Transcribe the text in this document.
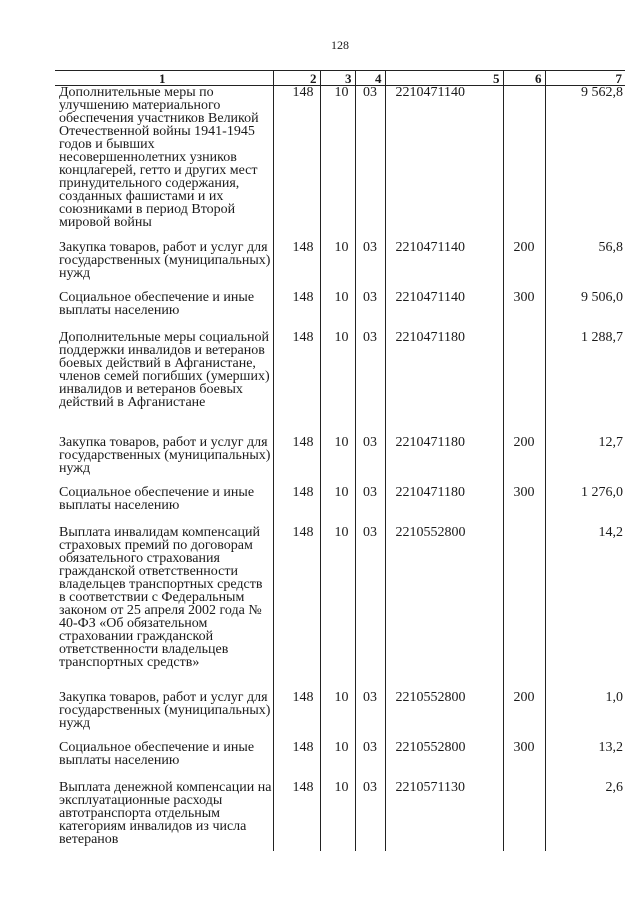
128
1	2	3	4	5	6	7
Дополнительные меры по улучшению материального обеспечения участников Великой Отечественной войны 1941-1945 годов и бывших несовершеннолетних узников концлагерей, гетто и других мест принудительного содержания, созданных фашистами и их союзниками в период Второй мировой войны	148	10	03	2210471140		9 562,8
Закупка товаров, работ и услуг для государственных (муниципальных) нужд	148	10	03	2210471140	200	56,8
Социальное обеспечение и иные выплаты населению	148	10	03	2210471140	300	9 506,0
Дополнительные меры социальной поддержки инвалидов и ветеранов боевых действий в Афганистане, членов семей погибших (умерших) инвалидов и ветеранов боевых действий в Афганистане	148	10	03	2210471180		1 288,7
Закупка товаров, работ и услуг для государственных (муниципальных) нужд	148	10	03	2210471180	200	12,7
Социальное обеспечение и иные выплаты населению	148	10	03	2210471180	300	1 276,0
Выплата инвалидам компенсаций страховых премий по договорам обязательного страхования гражданской ответственности владельцев транспортных средств в соответствии с Федеральным законом от 25 апреля 2002 года № 40-ФЗ «Об обязательном страховании гражданской ответственности владельцев транспортных средств»	148	10	03	2210552800		14,2
Закупка товаров, работ и услуг для государственных (муниципальных) нужд	148	10	03	2210552800	200	1,0
Социальное обеспечение и иные выплаты населению	148	10	03	2210552800	300	13,2
Выплата денежной компенсации на эксплуатационные расходы автотранспорта отдельным категориям инвалидов из числа ветеранов	148	10	03	2210571130		2,6
